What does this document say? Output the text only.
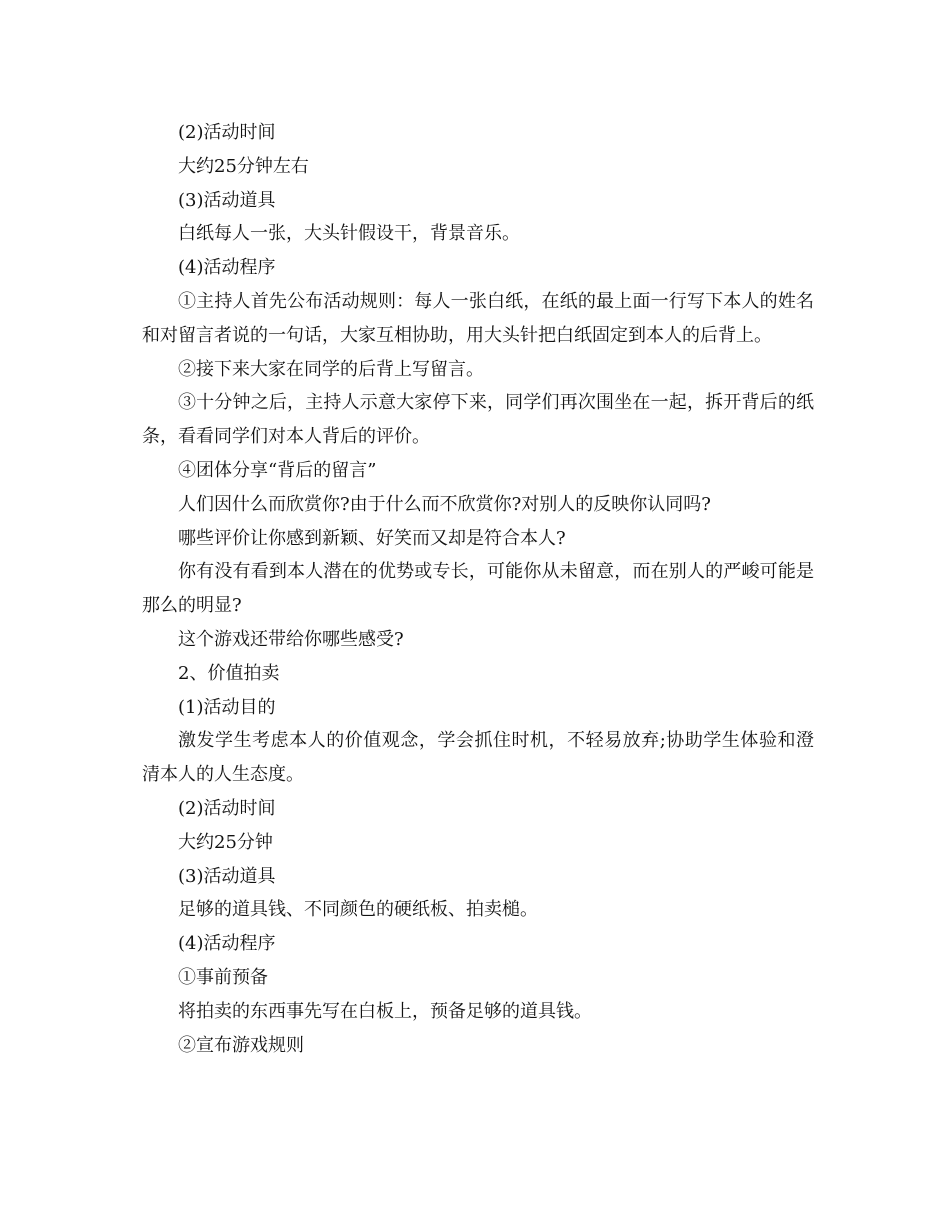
(2)活动时间

大约25分钟左右

(3)活动道具

白纸每人一张，大头针假设干，背景音乐。

(4)活动程序

①主持人首先公布活动规则：每人一张白纸，在纸的最上面一行写下本人的姓名和对留言者说的一句话，大家互相协助，用大头针把白纸固定到本人的后背上。

②接下来大家在同学的后背上写留言。

③十分钟之后，主持人示意大家停下来，同学们再次围坐在一起，拆开背后的纸条，看看同学们对本人背后的评价。

④团体分享“背后的留言”

人们因什么而欣赏你?由于什么而不欣赏你?对别人的反映你认同吗?

哪些评价让你感到新颖、好笑而又却是符合本人?

你有没有看到本人潜在的优势或专长，可能你从未留意，而在别人的严峻可能是那么的明显?

这个游戏还带给你哪些感受?

2、价值拍卖

(1)活动目的

激发学生考虑本人的价值观念，学会抓住时机，不轻易放弃;协助学生体验和澄清本人的人生态度。

(2)活动时间

大约25分钟

(3)活动道具

足够的道具钱、不同颜色的硬纸板、拍卖槌。

(4)活动程序

①事前预备

将拍卖的东西事先写在白板上，预备足够的道具钱。

②宣布游戏规则
